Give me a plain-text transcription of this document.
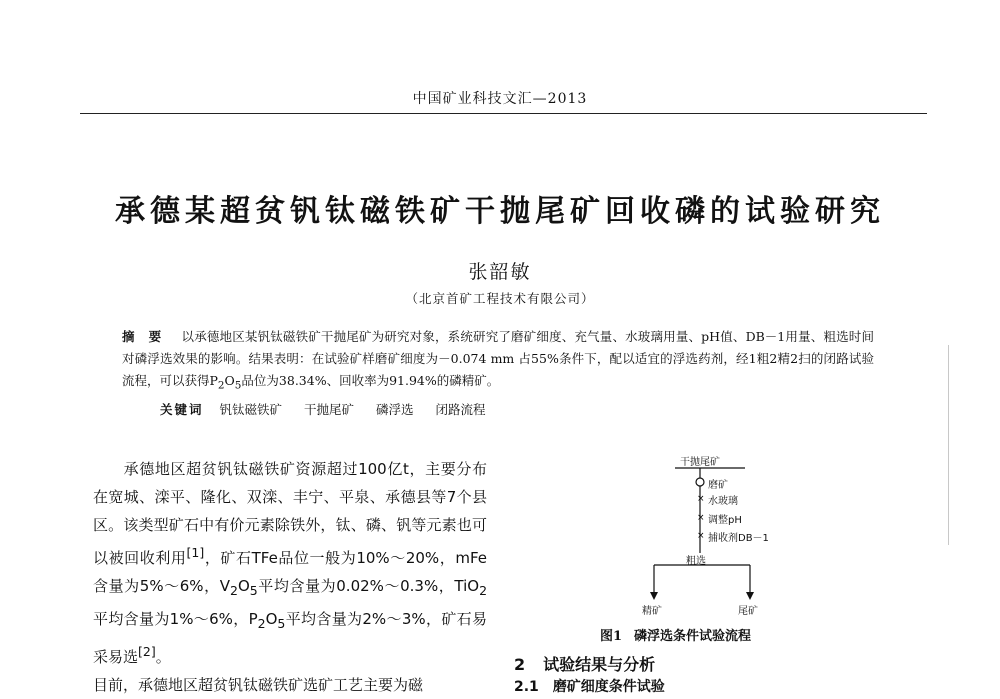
中国矿业科技文汇—2013
承德某超贫钒钛磁铁矿干抛尾矿回收磷的试验研究
张韶敏
（北京首矿工程技术有限公司）
摘要 以承德地区某钒钛磁铁矿干抛尾矿为研究对象，系统研究了磨矿细度、充气量、水玻璃用量、pH值、DB－1用量、粗选时间对磷浮选效果的影响。结果表明：在试验矿样磨矿细度为－0.074 mm 占55%条件下，配以适宜的浮选药剂，经1粗2精2扫的闭路试验流程，可以获得$P_2O_5$品位为38.34%、回收率为91.94%的磷精矿。
关键词 钒钛磁铁矿 干抛尾矿 磷浮选 闭路流程

承德地区超贫钒钛磁铁矿资源超过100亿t，主要分布在宽城、滦平、隆化、双滦、丰宁、平泉、承德县等7个县区。该类型矿石中有价元素除铁外，钛、磷、钒等元素也可以被回收利用[1]，矿石TFe品位一般为10%～20%，mFe含量为5%～6%，$V_2O_5$平均含量为0.02%～0.3%，TiO$_2$平均含量为1%～6%，$P_2O_5$平均含量为2%～3%，矿石易采易选[2]。

目前，承德地区超贫钒钛磁铁矿选矿工艺主要为磁

×
×
×
干抛尾矿
磨矿
水玻璃
调整pH
捕收剂DB－1
粗选
精矿	尾矿
图1 磷浮选条件试验流程
2 试验结果与分析
2.1 磨矿细度条件试验
